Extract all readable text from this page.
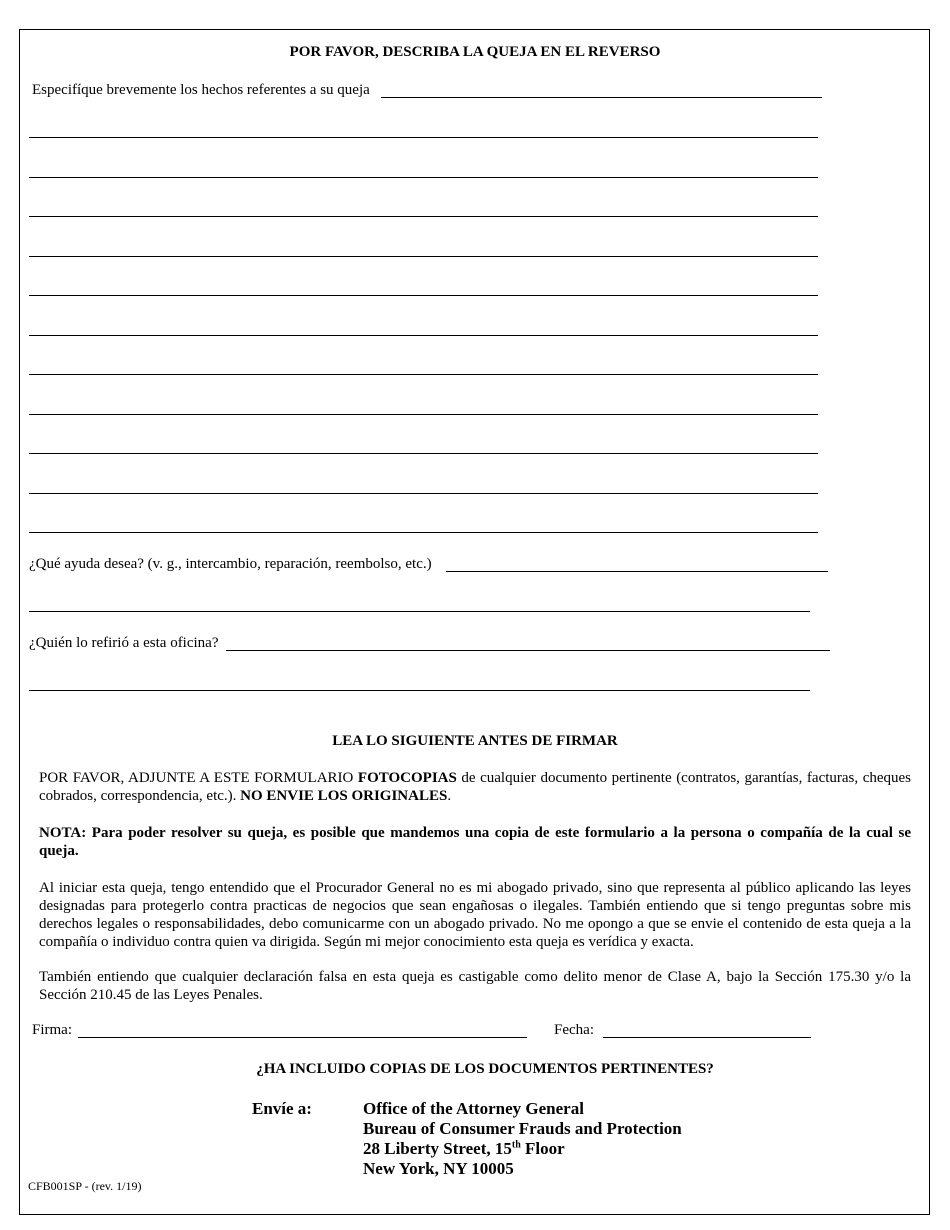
POR FAVOR, DESCRIBA LA QUEJA EN EL REVERSO
Especifíque brevemente los hechos referentes a su queja
¿Qué ayuda desea? (v. g., intercambio, reparación, reembolso, etc.)
¿Quién lo refirió a esta oficina?
LEA LO SIGUIENTE ANTES DE FIRMAR
POR FAVOR, ADJUNTE A ESTE FORMULARIO FOTOCOPIAS de cualquier documento pertinente (contratos, garantías, facturas, cheques cobrados, correspondencia, etc.). NO ENVIE LOS ORIGINALES.
NOTA: Para poder resolver su queja, es posible que mandemos una copia de este formulario a la persona o compañía de la cual se queja.
Al iniciar esta queja, tengo entendido que el Procurador General no es mi abogado privado, sino que representa al público aplicando las leyes designadas para protegerlo contra practicas de negocios que sean engañosas o ilegales. También entiendo que si tengo preguntas sobre mis derechos legales o responsabilidades, debo comunicarme con un abogado privado. No me opongo a que se envie el contenido de esta queja a la compañía o individuo contra quien va dirigida. Según mi mejor conocimiento esta queja es verídica y exacta.
También entiendo que cualquier declaración falsa en esta queja es castigable como delito menor de Clase A, bajo la Sección 175.30 y/o la Sección 210.45 de las Leyes Penales.
Firma:	Fecha:
¿HA INCLUIDO COPIAS DE LOS DOCUMENTOS PERTINENTES?
Envíe a:	Office of the Attorney General
Bureau of Consumer Frauds and Protection
28 Liberty Street, 15th Floor
New York, NY 10005
CFB001SP - (rev. 1/19)
